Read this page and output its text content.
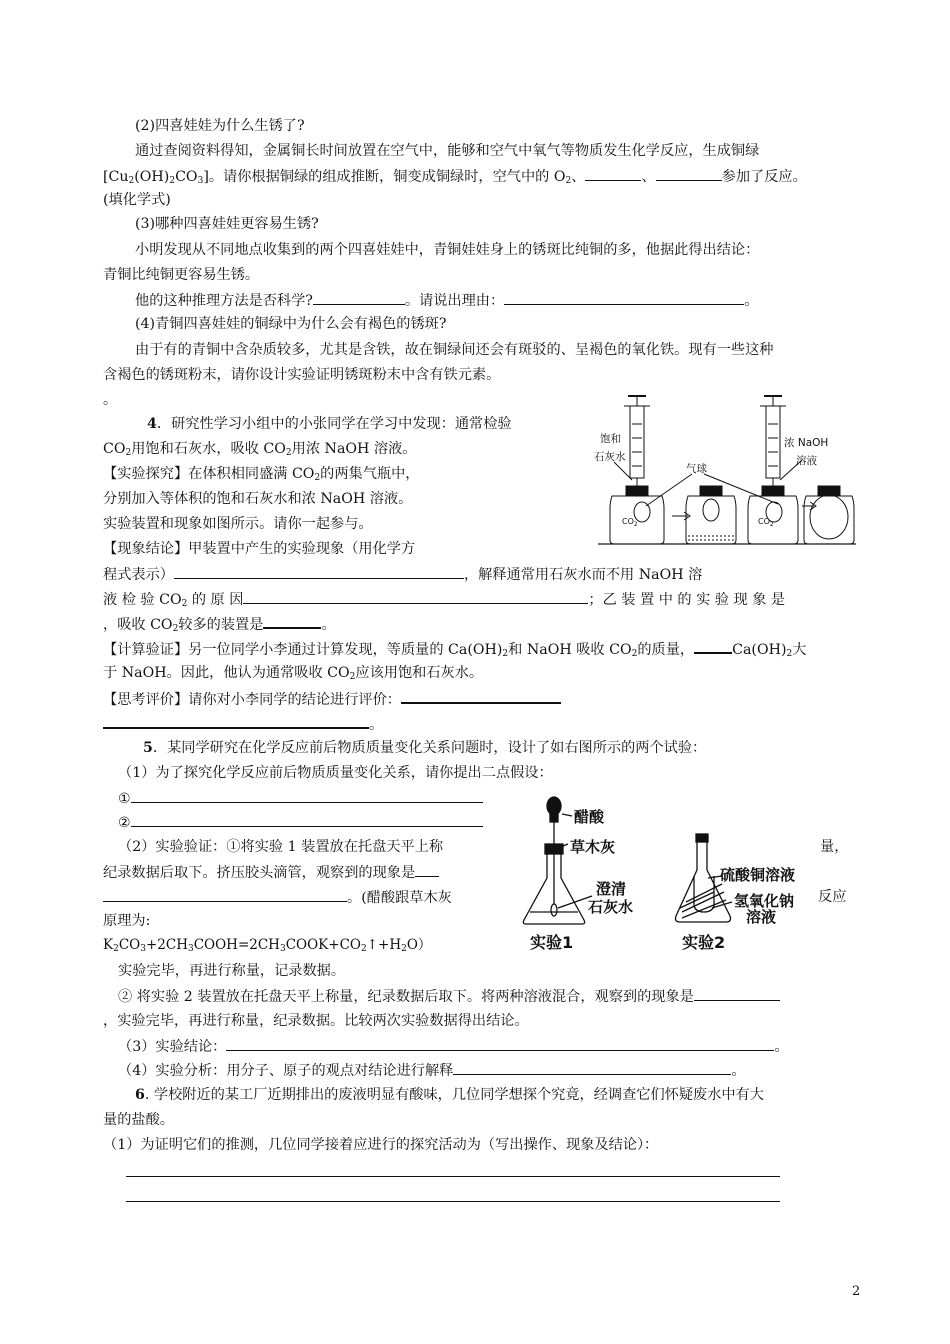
(2)四喜娃娃为什么生锈了?
通过查阅资料得知，金属铜长时间放置在空气中，能够和空气中氧气等物质发生化学反应，生成铜绿
$[Cu_2(OH)_2CO_3]$。请你根据铜绿的组成推断，铜变成铜绿时，空气中的 $O_2$、	、	参加了反应。
(填化学式)
(3)哪种四喜娃娃更容易生锈?
小明发现从不同地点收集到的两个四喜娃娃中，青铜娃娃身上的锈斑比纯铜的多，他据此得出结论：
青铜比纯铜更容易生锈。
他的这种推理方法是否科学?	。请说出理由：	。
(4)青铜四喜娃娃的铜绿中为什么会有褐色的锈斑?
由于有的青铜中含杂质较多，尤其是含铁，故在铜绿间还会有斑驳的、呈褐色的氧化铁。现有一些这种
含褐色的锈斑粉末，请你设计实验证明锈斑粉末中含有铁元素。
。
4．研究性学习小组中的小张同学在学习中发现：通常检验
$CO_2$用饱和石灰水，吸收 $CO_2$用浓 NaOH 溶液。
【实验探究】在体积相同盛满 $CO_2$的两集气瓶中，
分别加入等体积的饱和石灰水和浓 NaOH 溶液。
实验装置和现象如图所示。请你一起参与。
【现象结论】甲装置中产生的实验现象（用化学方
程式表示）	，解释通常用石灰水而不用 NaOH 溶
液 检 验 $CO_2$ 的 原 因	；乙 装 置 中 的 实 验 现 象 是
，吸收 $CO_2$较多的装置是	。
【计算验证】另一位同学小李通过计算发现，等质量的 $Ca(OH)_2$和 NaOH 吸收 $CO_2$的质量，	$Ca(OH)_2$大
于 NaOH。因此，他认为通常吸收 $CO_2$应该用饱和石灰水。
【思考评价】请你对小李同学的结论进行评价：
。
饱和
石灰水
气球
浓 NaOH
溶液
$CO_2$	$CO_2$
5．某同学研究在化学反应前后物质质量变化关系问题时，设计了如右图所示的两个试验：
（1）为了探究化学反应前后物质质量变化关系，请你提出二点假设：
①
②
（2）实验验证：①将实验 1 装置放在托盘天平上称	量，
纪录数据后取下。挤压胶头滴管，观察到的现象是
。(醋酸跟草木灰	反应
原理为:
$K_2CO_3+2CH_3COOH=2CH_3COOK+CO_2↑+H_2O$）
实验完毕，再进行称量，记录数据。
② 将实验 2 装置放在托盘天平上称量，纪录数据后取下。将两种溶液混合，观察到的现象是
，实验完毕，再进行称量，纪录数据。比较两次实验数据得出结论。
（3）实验结论：	。
（4）实验分析：用分子、原子的观点对结论进行解释	。
醋酸
草木灰
澄清
石灰水
实验1
硫酸铜溶液
氢氧化钠
溶液
实验2
6. 学校附近的某工厂近期排出的废液明显有酸味，几位同学想探个究竟，经调查它们怀疑废水中有大
量的盐酸。
（1）为证明它们的推测，几位同学接着应进行的探究活动为（写出操作、现象及结论）：
2
